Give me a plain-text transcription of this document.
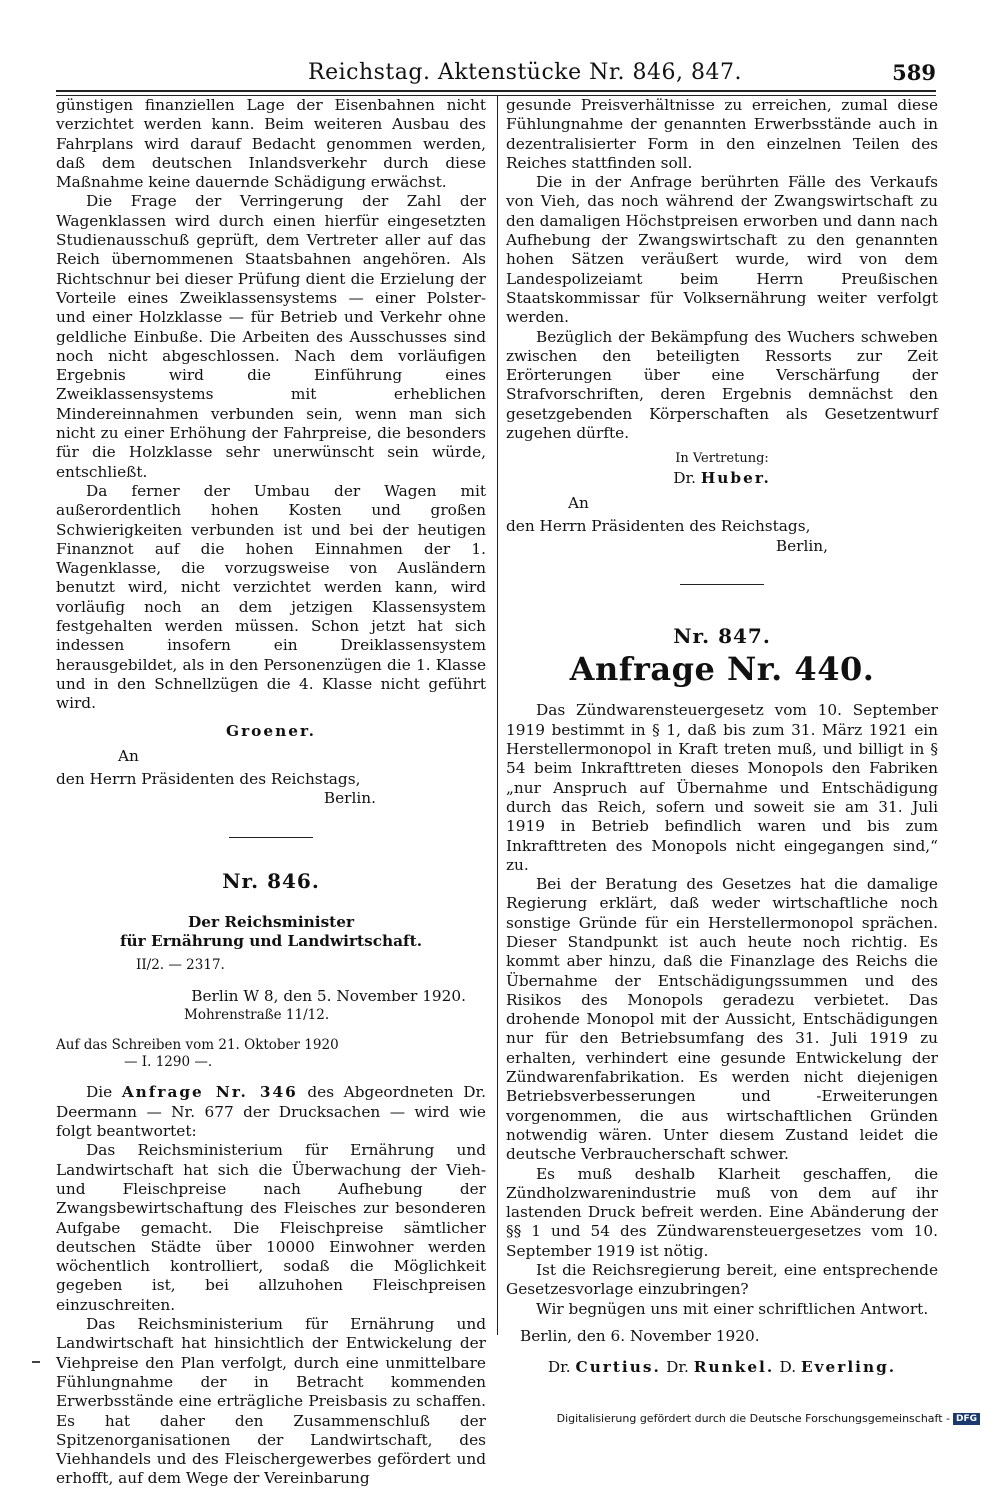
Reichstag. Aktenstücke Nr. 846, 847.	589

günstigen finanziellen Lage der Eisenbahnen nicht verzichtet werden kann. Beim weiteren Ausbau des Fahrplans wird darauf Bedacht genommen werden, daß dem deutschen Inlandsverkehr durch diese Maßnahme keine dauernde Schädigung erwächst.

Die Frage der Verringerung der Zahl der Wagenklassen wird durch einen hierfür eingesetzten Studienausschuß geprüft, dem Vertreter aller auf das Reich übernommenen Staatsbahnen angehören. Als Richtschnur bei dieser Prüfung dient die Erzielung der Vorteile eines Zweiklassensystems — einer Polster- und einer Holzklasse — für Betrieb und Verkehr ohne geldliche Einbuße. Die Arbeiten des Ausschusses sind noch nicht abgeschlossen. Nach dem vorläufigen Ergebnis wird die Einführung eines Zweiklassensystems mit erheblichen Mindereinnahmen verbunden sein, wenn man sich nicht zu einer Erhöhung der Fahrpreise, die besonders für die Holzklasse sehr unerwünscht sein würde, entschließt.

Da ferner der Umbau der Wagen mit außerordentlich hohen Kosten und großen Schwierigkeiten verbunden ist und bei der heutigen Finanznot auf die hohen Einnahmen der 1. Wagenklasse, die vorzugsweise von Ausländern benutzt wird, nicht verzichtet werden kann, wird vorläufig noch an dem jetzigen Klassensystem festgehalten werden müssen. Schon jetzt hat sich indessen insofern ein Dreiklassensystem herausgebildet, als in den Personenzügen die 1. Klasse und in den Schnellzügen die 4. Klasse nicht geführt wird.

Groener.

An

den Herrn Präsidenten des Reichstags,

Berlin.

Nr. 846.

Der Reichsminister

für Ernährung und Landwirtschaft.

II/2. — 2317.

Berlin W 8, den 5. November 1920.

Mohrenstraße 11/12.

Auf das Schreiben vom 21. Oktober 1920
— I. 1290 —.

Die Anfrage Nr. 346 des Abgeordneten Dr. Deermann — Nr. 677 der Drucksachen — wird wie folgt beantwortet:

Das Reichsministerium für Ernährung und Landwirtschaft hat sich die Überwachung der Vieh- und Fleischpreise nach Aufhebung der Zwangsbewirtschaftung des Fleisches zur besonderen Aufgabe gemacht. Die Fleischpreise sämtlicher deutschen Städte über 10000 Einwohner werden wöchentlich kontrolliert, sodaß die Möglichkeit gegeben ist, bei allzuhohen Fleischpreisen einzuschreiten.

Das Reichsministerium für Ernährung und Landwirtschaft hat hinsichtlich der Entwickelung der Viehpreise den Plan verfolgt, durch eine unmittelbare Fühlungnahme der in Betracht kommenden Erwerbsstände eine erträgliche Preisbasis zu schaffen. Es hat daher den Zusammenschluß der Spitzenorganisationen der Landwirtschaft, des Viehhandels und des Fleischergewerbes gefördert und erhofft, auf dem Wege der Vereinbarung

gesunde Preisverhältnisse zu erreichen, zumal diese Fühlungnahme der genannten Erwerbsstände auch in dezentralisierter Form in den einzelnen Teilen des Reiches stattfinden soll.

Die in der Anfrage berührten Fälle des Verkaufs von Vieh, das noch während der Zwangswirtschaft zu den damaligen Höchstpreisen erworben und dann nach Aufhebung der Zwangswirtschaft zu den genannten hohen Sätzen veräußert wurde, wird von dem Landespolizeiamt beim Herrn Preußischen Staatskommissar für Volksernährung weiter verfolgt werden.

Bezüglich der Bekämpfung des Wuchers schweben zwischen den beteiligten Ressorts zur Zeit Erörterungen über eine Verschärfung der Strafvorschriften, deren Ergebnis demnächst den gesetzgebenden Körperschaften als Gesetzentwurf zugehen dürfte.

In Vertretung:

Dr. Huber.

An

den Herrn Präsidenten des Reichstags,

Berlin,

Nr. 847.

Anfrage Nr. 440.

Das Zündwarensteuergesetz vom 10. September 1919 bestimmt in § 1, daß bis zum 31. März 1921 ein Herstellermonopol in Kraft treten muß, und billigt in § 54 beim Inkrafttreten dieses Monopols den Fabriken „nur Anspruch auf Übernahme und Entschädigung durch das Reich, sofern und soweit sie am 31. Juli 1919 in Betrieb befindlich waren und bis zum Inkrafttreten des Monopols nicht eingegangen sind,“ zu.

Bei der Beratung des Gesetzes hat die damalige Regierung erklärt, daß weder wirtschaftliche noch sonstige Gründe für ein Herstellermonopol sprächen. Dieser Standpunkt ist auch heute noch richtig. Es kommt aber hinzu, daß die Finanzlage des Reichs die Übernahme der Entschädigungssummen und des Risikos des Monopols geradezu verbietet. Das drohende Monopol mit der Aussicht, Entschädigungen nur für den Betriebsumfang des 31. Juli 1919 zu erhalten, verhindert eine gesunde Entwickelung der Zündwarenfabrikation. Es werden nicht diejenigen Betriebsverbesserungen und -Erweiterungen vorgenommen, die aus wirtschaftlichen Gründen notwendig wären. Unter diesem Zustand leidet die deutsche Verbraucherschaft schwer.

Es muß deshalb Klarheit geschaffen, die Zündholzwarenindustrie muß von dem auf ihr lastenden Druck befreit werden. Eine Abänderung der §§ 1 und 54 des Zündwarensteuergesetzes vom 10. September 1919 ist nötig.

Ist die Reichsregierung bereit, eine entsprechende Gesetzesvorlage einzubringen?

Wir begnügen uns mit einer schriftlichen Antwort.

Berlin, den 6. November 1920.

Dr. Curtius. Dr. Runkel. D. Everling.

Digitalisierung gefördert durch die Deutsche Forschungsgemeinschaft - DFG
